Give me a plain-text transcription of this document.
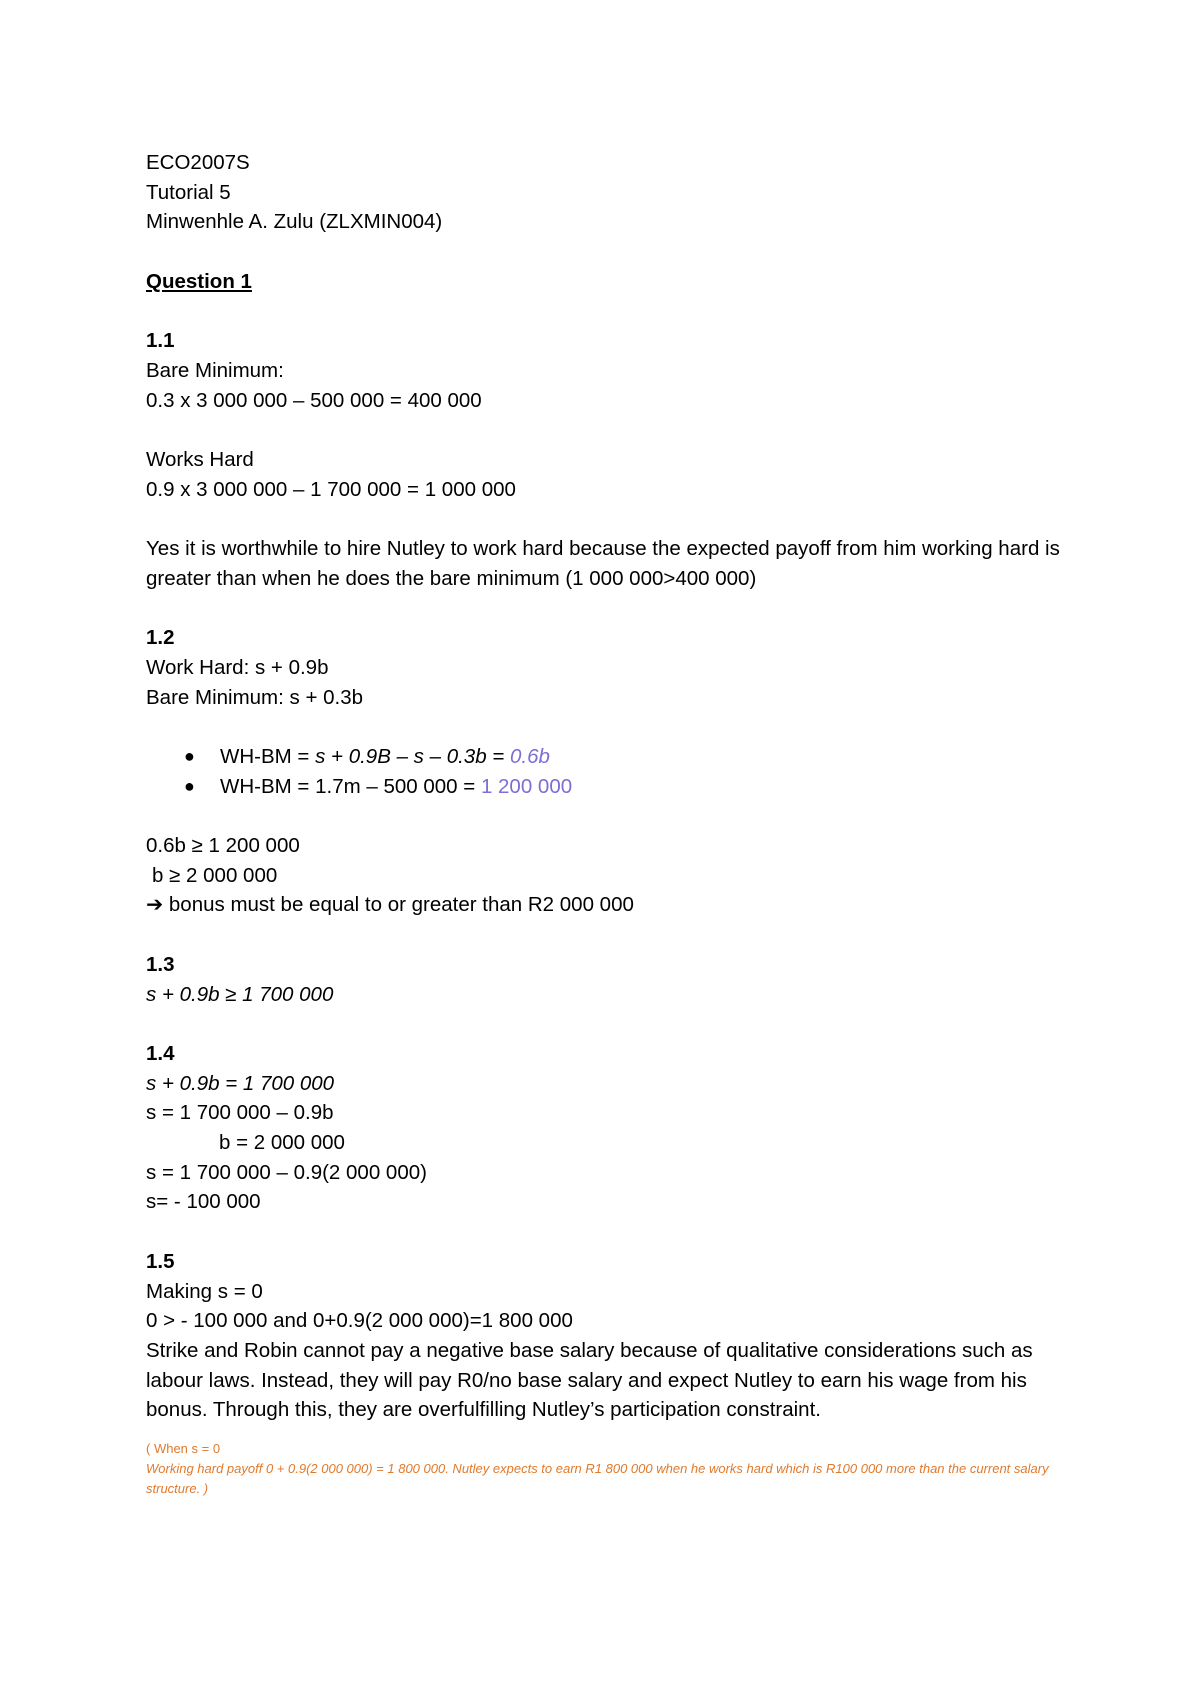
ECO2007S
Tutorial 5
Minwenhle A. Zulu (ZLXMIN004)
Question 1
1.1
Bare Minimum:
0.3 x 3 000 000 – 500 000 = 400 000
Works Hard
0.9 x 3 000 000 – 1 700 000 = 1 000 000
Yes it is worthwhile to hire Nutley to work hard because the expected payoff from him working hard is greater than when he does the bare minimum (1 000 000>400 000)
1.2
Work Hard: s + 0.9b
Bare Minimum: s + 0.3b
● WH-BM = s + 0.9B – s – 0.3b = 0.6b
● WH-BM = 1.7m – 500 000 = 1 200 000
0.6b ≥ 1 200 000
b ≥ 2 000 000
➔ bonus must be equal to or greater than R2 000 000
1.3
s + 0.9b ≥ 1 700 000
1.4
s + 0.9b = 1 700 000
s = 1 700 000 – 0.9b
b = 2 000 000
s = 1 700 000 – 0.9(2 000 000)
s= - 100 000
1.5
Making s = 0
0 > - 100 000 and 0+0.9(2 000 000)=1 800 000
Strike and Robin cannot pay a negative base salary because of qualitative considerations such as labour laws. Instead, they will pay R0/no base salary and expect Nutley to earn his wage from his bonus. Through this, they are overfulfilling Nutley’s participation constraint.
( When s = 0
Working hard payoff 0 + 0.9(2 000 000) = 1 800 000. Nutley expects to earn R1 800 000 when he works hard which is R100 000 more than the current salary structure. )
